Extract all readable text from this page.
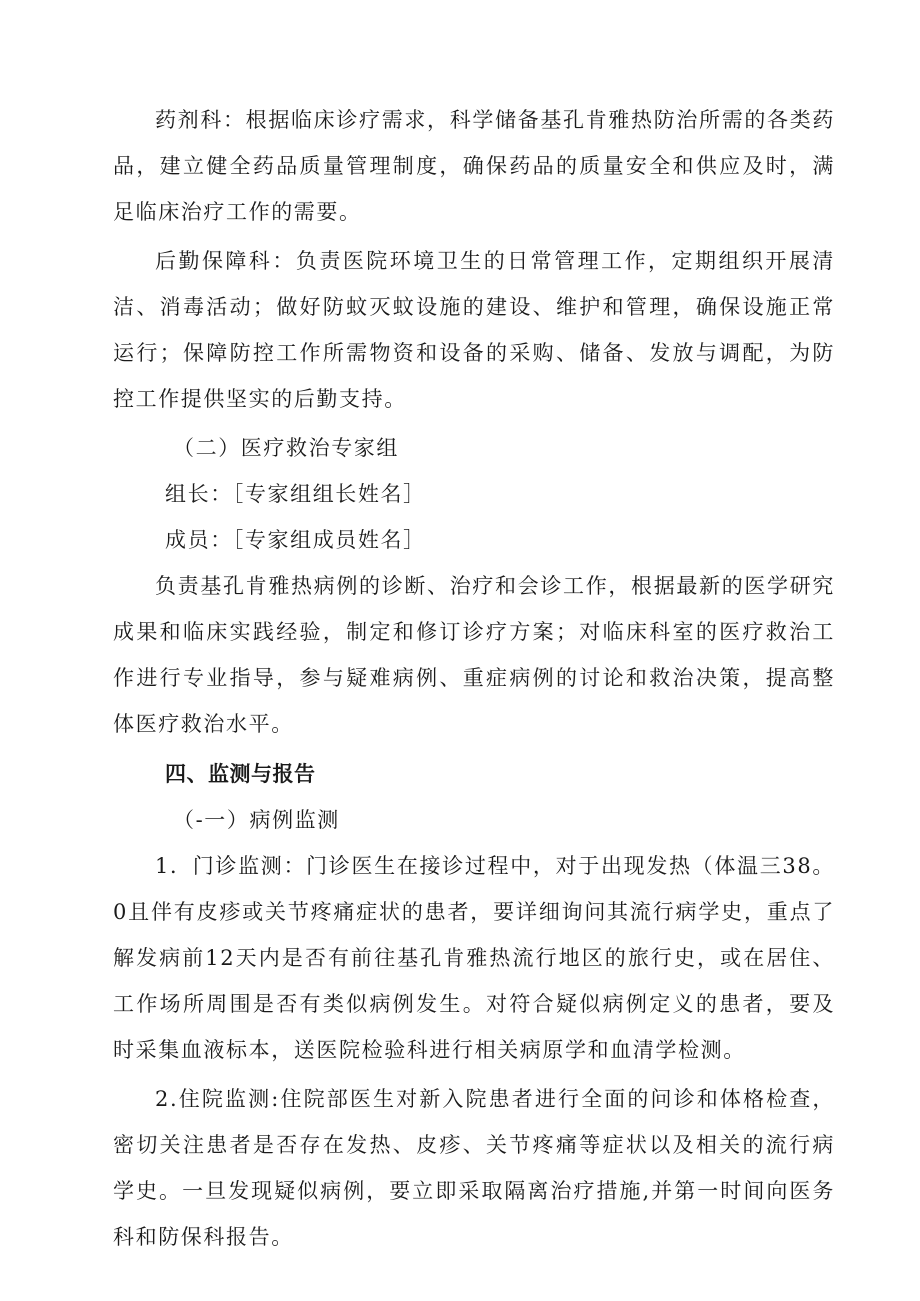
药剂科：根据临床诊疗需求，科学储备基孔肯雅热防治所需的各类药品，建立健全药品质量管理制度，确保药品的质量安全和供应及时，满足临床治疗工作的需要。

后勤保障科：负责医院环境卫生的日常管理工作，定期组织开展清洁、消毒活动；做好防蚊灭蚊设施的建设、维护和管理，确保设施正常运行；保障防控工作所需物资和设备的采购、储备、发放与调配，为防控工作提供坚实的后勤支持。

（二）医疗救治专家组

组长：［专家组组长姓名］

成员：［专家组成员姓名］

负责基孔肯雅热病例的诊断、治疗和会诊工作，根据最新的医学研究成果和临床实践经验，制定和修订诊疗方案；对临床科室的医疗救治工作进行专业指导，参与疑难病例、重症病例的讨论和救治决策，提高整体医疗救治水平。

四、监测与报告

（-一）病例监测

1．门诊监测：门诊医生在接诊过程中，对于出现发热（体温三38。0且伴有皮疹或关节疼痛症状的患者，要详细询问其流行病学史，重点了解发病前12天内是否有前往基孔肯雅热流行地区的旅行史，或在居住、工作场所周围是否有类似病例发生。对符合疑似病例定义的患者，要及时采集血液标本，送医院检验科进行相关病原学和血清学检测。

2.住院监测:住院部医生对新入院患者进行全面的问诊和体格检查，密切关注患者是否存在发热、皮疹、关节疼痛等症状以及相关的流行病学史。一旦发现疑似病例，要立即采取隔离治疗措施,并第一时间向医务科和防保科报告。
